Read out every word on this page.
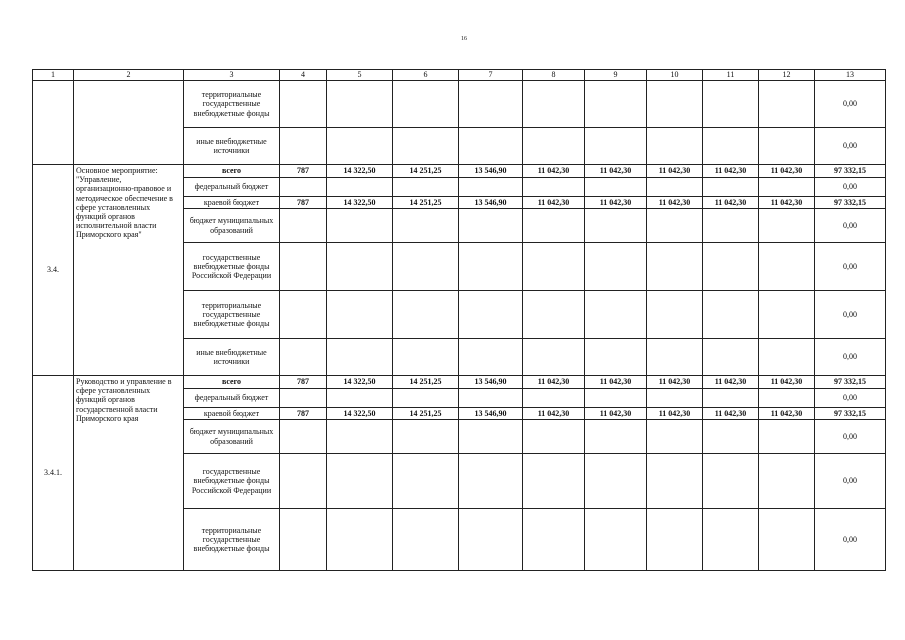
16
1	2	3	4	5	6	7	8	9	10	11	12	13
		территориальные государственные внебюджетные фонды										0,00
		иные внебюджетные источники										0,00
3.4.	Основное мероприятие: "Управление, организационно-правовое и методическое обеспечение в сфере установленных функций органов исполнительной власти Приморского края"	всего	787	14 322,50	14 251,25	13 546,90	11 042,30	11 042,30	11 042,30	11 042,30	11 042,30	97 332,15
		федеральный бюджет										0,00
		краевой бюджет	787	14 322,50	14 251,25	13 546,90	11 042,30	11 042,30	11 042,30	11 042,30	11 042,30	97 332,15
		бюджет муниципальных образований										0,00
		государственные внебюджетные фонды Российской Федерации										0,00
		территориальные государственные внебюджетные фонды										0,00
		иные внебюджетные источники										0,00
3.4.1.	Руководство и управление в сфере установленных функций органов государственной власти Приморского края	всего	787	14 322,50	14 251,25	13 546,90	11 042,30	11 042,30	11 042,30	11 042,30	11 042,30	97 332,15
		федеральный бюджет										0,00
		краевой бюджет	787	14 322,50	14 251,25	13 546,90	11 042,30	11 042,30	11 042,30	11 042,30	11 042,30	97 332,15
		бюджет муниципальных образований										0,00
		государственные внебюджетные фонды Российской Федерации										0,00
		территориальные государственные внебюджетные фонды										0,00
